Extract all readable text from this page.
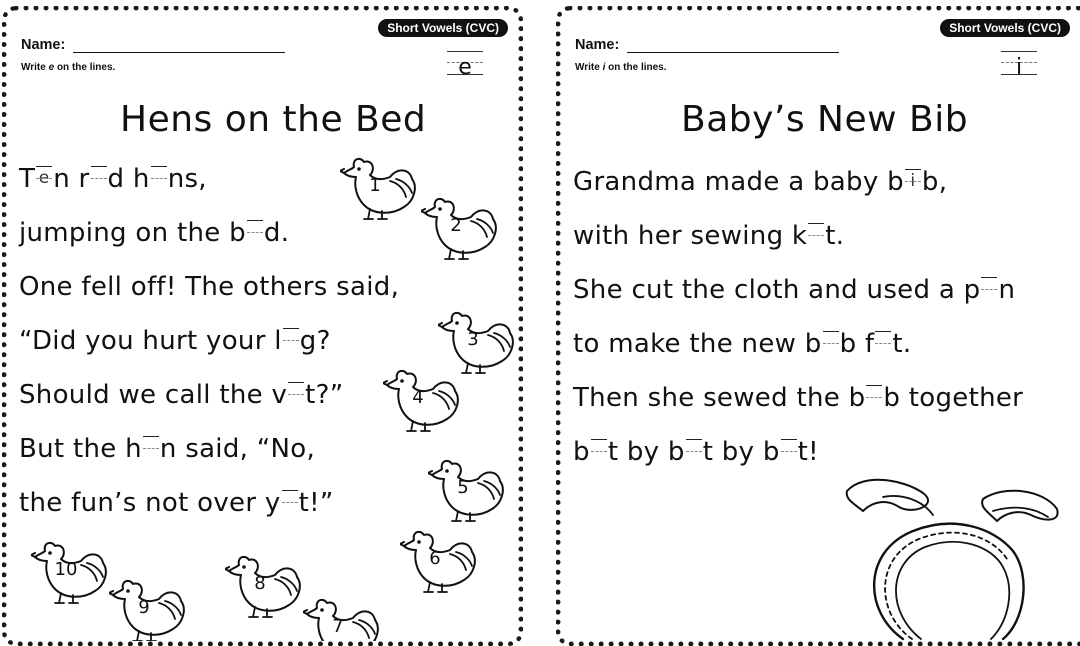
Short Vowels (CVC)
Name:
Write e on the lines.	e
Hens on the Bed
T e n r d h ns,
jumping on the b d.
One fell off! The others said,
“Did you hurt your l g?
Should we call the v t?”
But the h n said, “No,
the fun’s not over y t!”
1
2
3
4
5
6
7
8
9
10
Short Vowels (CVC)
Name:
Write i on the lines.	i
Baby’s New Bib
Grandma made a baby b i b,
with her sewing k t.
She cut the cloth and used a p n
to make the new b b f t.
Then she sewed the b b together
b t by b t by b t!
